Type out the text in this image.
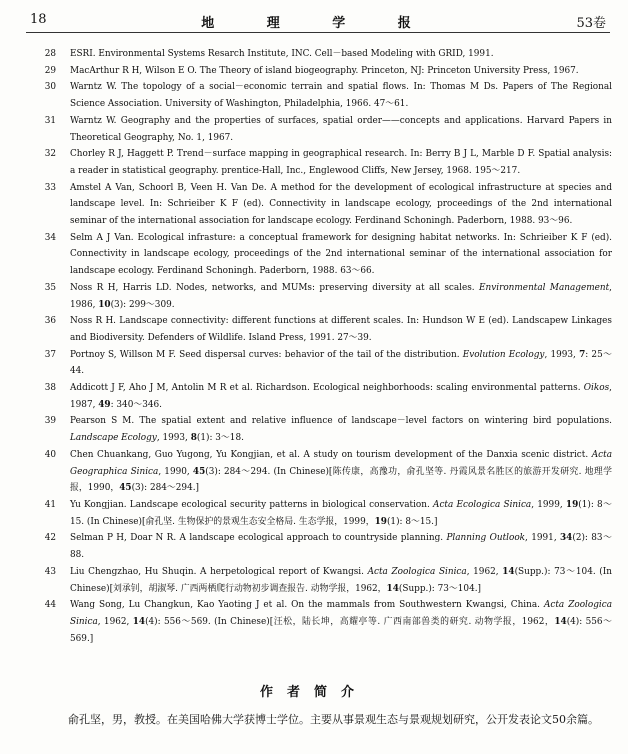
18	地 理 学 报	53卷
28 ESRI. Environmental Systems Resarch Institute, INC. Cell－based Modeling with GRID, 1991.
29 MacArthur R H, Wilson E O. The Theory of island biogeography. Princeton, NJ: Princeton University Press, 1967.
30 Warntz W. The topology of a social－economic terrain and spatial flows. In: Thomas M Ds. Papers of The Regional Science Association. University of Washington, Philadelphia, 1966. 47～61.
31 Warntz W. Geography and the properties of surfaces, spatial order——concepts and applications. Harvard Papers in Theoretical Geography, No. 1, 1967.
32 Chorley R J, Haggett P. Trend－surface mapping in geographical research. In: Berry B J L, Marble D F. Spatial analysis: a reader in statistical geography. prentice-Hall, Inc., Englewood Cliffs, New Jersey, 1968. 195～217.
33 Amstel A Van, Schoorl B, Veen H. Van De. A method for the development of ecological infrastructure at species and landscape level. In: Schrieiber K F (ed). Connectivity in landscape ecology, proceedings of the 2nd international seminar of the international association for landscape ecology. Ferdinand Schoningh. Paderborn, 1988. 93～96.
34 Selm A J Van. Ecological infrasture: a conceptual framework for designing habitat networks. In: Schrieiber K F (ed). Connectivity in landscape ecology, proceedings of the 2nd international seminar of the international association for landscape ecology. Ferdinand Schoningh. Paderborn, 1988. 63～66.
35 Noss R H, Harris LD. Nodes, networks, and MUMs: preserving diversity at all scales. Environmental Management, 1986, 10(3): 299～309.
36 Noss R H. Landscape connectivity: different functions at different scales. In: Hundson W E (ed). Landscapew Linkages and Biodiversity. Defenders of Wildlife. Island Press, 1991. 27～39.
37 Portnoy S, Willson M F. Seed dispersal curves: behavior of the tail of the distribution. Evolution Ecology, 1993, 7: 25～44.
38 Addicott J F, Aho J M, Antolin M R et al. Richardson. Ecological neighborhoods: scaling environmental patterns. Oikos, 1987, 49: 340～346.
39 Pearson S M. The spatial extent and relative influence of landscape－level factors on wintering bird populations. Landscape Ecology, 1993, 8(1): 3～18.
40 Chen Chuankang, Guo Yugong, Yu Kongjian, et al. A study on tourism development of the Danxia scenic district. Acta Geographica Sinica, 1990, 45(3): 284～294. (In Chinese)[陈传康，高豫功，俞孔坚等. 丹霞风景名胜区的旅游开发研究. 地理学报，1990，45(3): 284～294.]
41 Yu Kongjian. Landscape ecological security patterns in biological conservation. Acta Ecologica Sinica, 1999, 19(1): 8～15. (In Chinese)[俞孔坚. 生物保护的景观生态安全格局. 生态学报，1999，19(1): 8～15.]
42 Selman P H, Doar N R. A landscape ecological approach to countryside planning. Planning Outlook, 1991, 34(2): 83～88.
43 Liu Chengzhao, Hu Shuqin. A herpetological report of Kwangsi. Acta Zoologica Sinica, 1962, 14(Supp.): 73～104. (In Chinese)[刘承钊，胡淑琴. 广西两栖爬行动物初步调查报告. 动物学报，1962，14(Supp.): 73～104.]
44 Wang Song, Lu Changkun, Kao Yaoting J et al. On the mammals from Southwestern Kwangsi, China. Acta Zoologica Sinica, 1962, 14(4): 556～569. (In Chinese)[汪松，陆长坤，高耀亭等. 广西南部兽类的研究. 动物学报，1962，14(4): 556～569.]
作者简介
俞孔坚，男，教授。在美国哈佛大学获博士学位。主要从事景观生态与景观规划研究，公开发表论文50余篇。
